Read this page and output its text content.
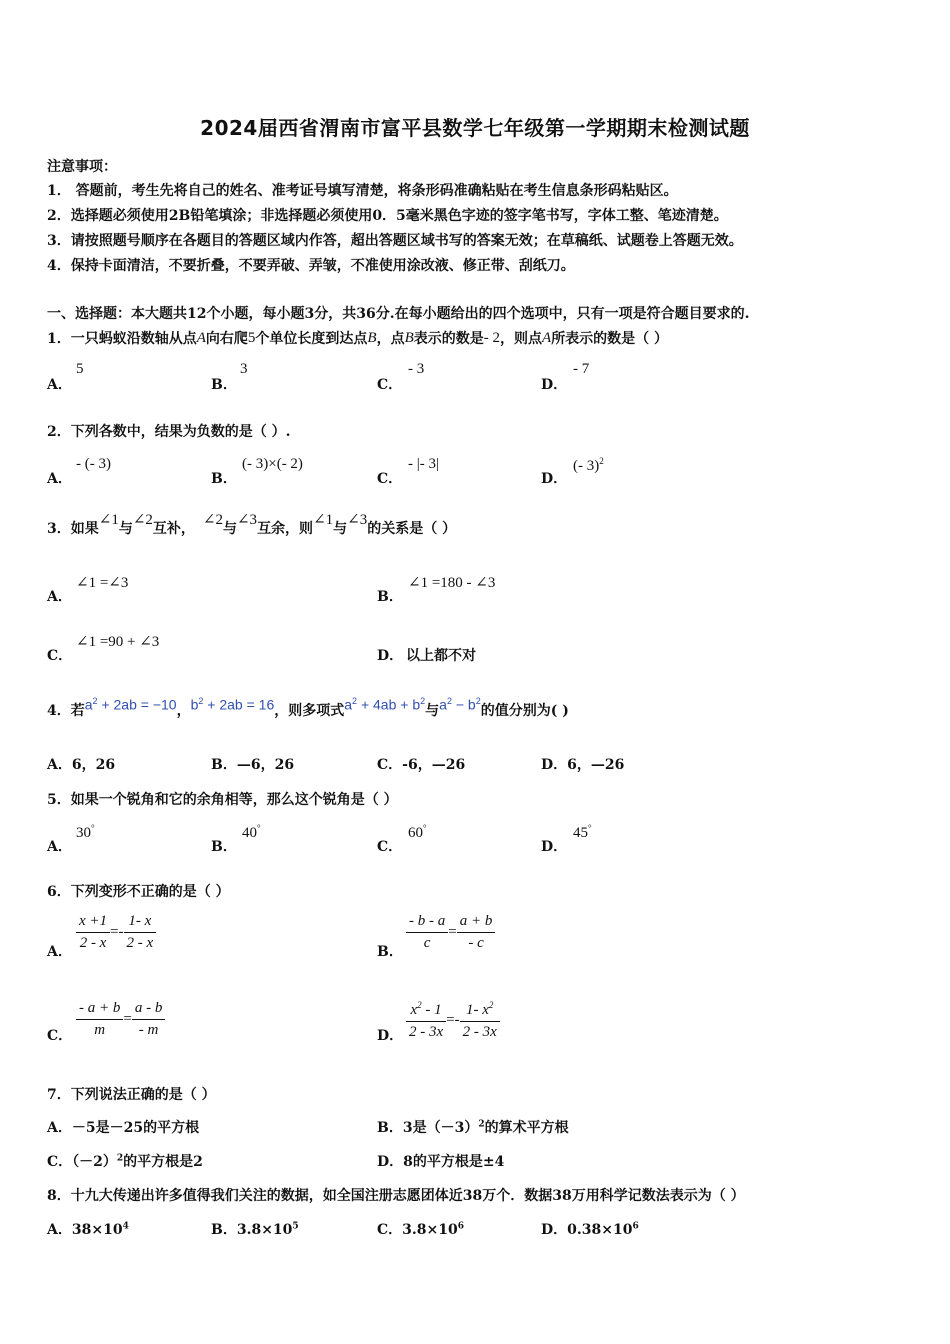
2024届西省渭南市富平县数学七年级第一学期期末检测试题
注意事项：
1． 答题前，考生先将自己的姓名、准考证号填写清楚，将条形码准确粘贴在考生信息条形码粘贴区。
2．选择题必须使用2B铅笔填涂；非选择题必须使用0．5毫米黑色字迹的签字笔书写，字体工整、笔迹清楚。
3．请按照题号顺序在各题目的答题区域内作答，超出答题区域书写的答案无效；在草稿纸、试题卷上答题无效。
4．保持卡面清洁，不要折叠，不要弄破、弄皱，不准使用涂改液、修正带、刮纸刀。
一、选择题：本大题共12个小题，每小题3分，共36分.在每小题给出的四个选项中，只有一项是符合题目要求的.
1．一只蚂蚁沿数轴从点 A 向右爬 5 个单位长度到达点 B ，点 B 表示的数是 - 2 ，则点 A 所表示的数是（ ）
A．
5
B．
3
C．
- 3
D．
- 7
2．下列各数中，结果为负数的是（ ）.
A．
- (- 3)
B．
(- 3)×(- 2)
C．
- |- 3|
D．
(- 3)$^2$
3．如果
∠1
与
∠2
互补，
∠2
与
∠3
互余，则
∠1
与
∠3
的关系是（ ）
A．
∠1 =∠3
B．
∠1 =180 - ∠3
C．
∠1 =90 + ∠3
D． 以上都不对
4．若 $a^2 + 2ab = -10$ ， $b^2 + 2ab = 16$ ，则多项式 $a^2 + 4ab + b^2$
与 $a^2 - b^2$
的值分别为( )
A．6，26	B．—6，26	C．-6，—26	D．6，—26
5．如果一个锐角和它的余角相等，那么这个锐角是（ ）
A．
30°
B．
40°
C．
60°
D．
45°
6．下列变形不正确的是（ ）
A． $\frac{x +1}{2 - x} =- \frac{1- x}{2 - x}$	B． $\frac{- b - a}{c} = \frac{a + b}{- c}$
C． $\frac{- a + b}{m} = \frac{a - b}{- m}$	D． $\frac{x^2 - 1}{2 - 3x} =- \frac{1- x^2}{2 - 3x}$
7．下列说法正确的是（ ）
A．－5是－25的平方根	B．3是$(-3)^2$的算术平方根
C．$(-2)^2$的平方根是2	D．8的平方根是±4
8．十九大传递出许多值得我们关注的数据，如全国注册志愿团体近38万个．数据38万用科学记数法表示为（ ）
A．$38\times 10^4$	B．$3.8\times 10^5$	C．$3.8\times 10^6$	D．$0.38\times 10^6$
